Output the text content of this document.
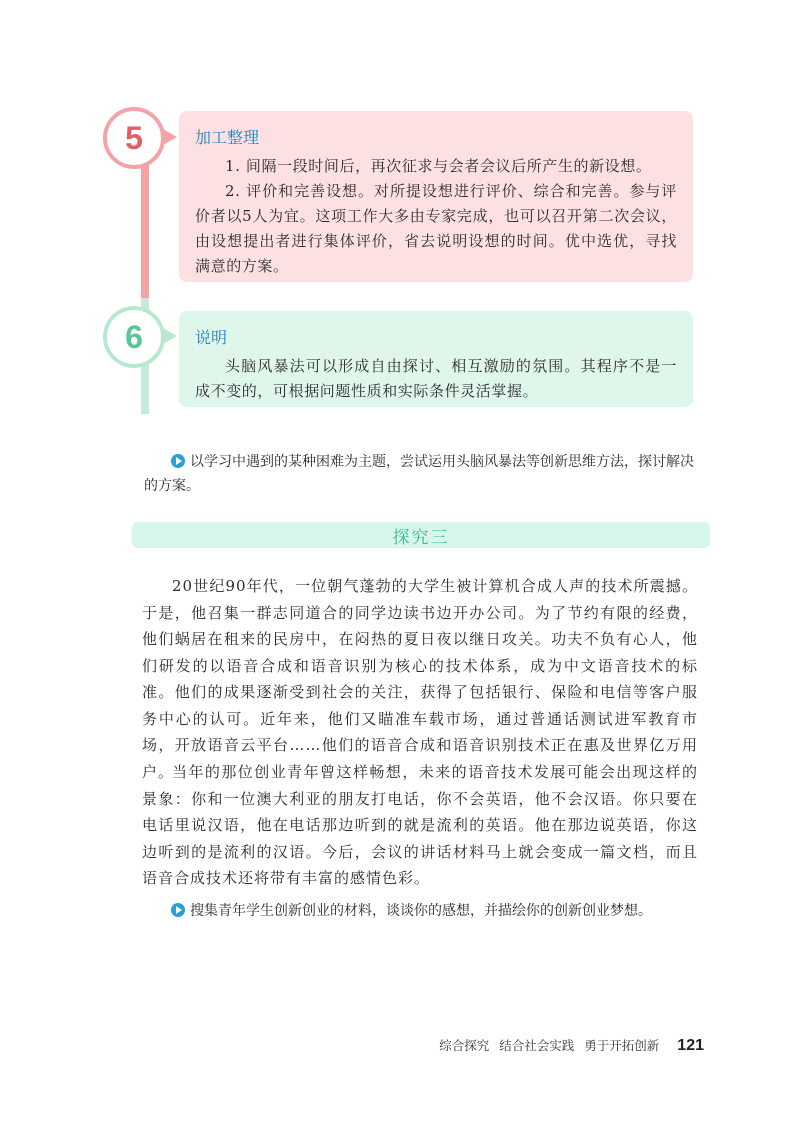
5	加工整理

1. 间隔一段时间后，再次征求与会者会议后所产生的新设想。

2. 评价和完善设想。对所提设想进行评价、综合和完善。参与评价者以5人为宜。这项工作大多由专家完成，也可以召开第二次会议，由设想提出者进行集体评价，省去说明设想的时间。优中选优，寻找满意的方案。

6	说明

头脑风暴法可以形成自由探讨、相互激励的氛围。其程序不是一成不变的，可根据问题性质和实际条件灵活掌握。

以学习中遇到的某种困难为主题，尝试运用头脑风暴法等创新思维方法，探讨解决的方案。
探究三

20世纪90年代，一位朝气蓬勃的大学生被计算机合成人声的技术所震撼。于是，他召集一群志同道合的同学边读书边开办公司。为了节约有限的经费，他们蜗居在租来的民房中，在闷热的夏日夜以继日攻关。功夫不负有心人，他们研发的以语音合成和语音识别为核心的技术体系，成为中文语音技术的标准。他们的成果逐渐受到社会的关注，获得了包括银行、保险和电信等客户服务中心的认可。近年来，他们又瞄准车载市场，通过普通话测试进军教育市场，开放语音云平台……他们的语音合成和语音识别技术正在惠及世界亿万用户。

当年的那位创业青年曾这样畅想，未来的语音技术发展可能会出现这样的景象：你和一位澳大利亚的朋友打电话，你不会英语，他不会汉语。你只要在电话里说汉语，他在电话那边听到的就是流利的英语。他在那边说英语，你这边听到的是流利的汉语。今后，会议的讲话材料马上就会变成一篇文档，而且语音合成技术还将带有丰富的感情色彩。

搜集青年学生创新创业的材料，谈谈你的感想，并描绘你的创新创业梦想。
综合探究 结合社会实践 勇于开拓创新 121
